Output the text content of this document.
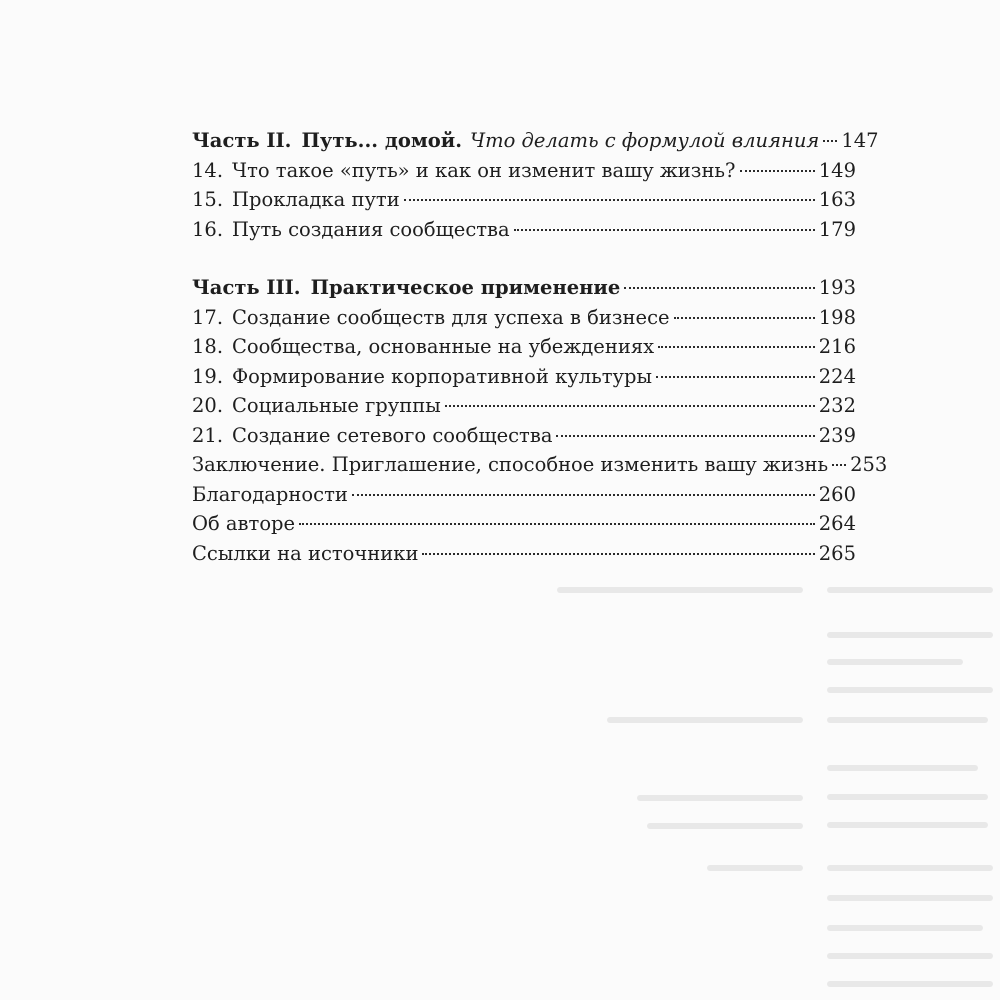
Часть II. Путь... домой. Что делать с формулой влияния 147
14. Что такое «путь» и как он изменит вашу жизнь?	149
15. Прокладка пути	163
16. Путь создания сообщества	179
Часть III. Практическое применение	193
17. Создание сообществ для успеха в бизнесе	198
18. Сообщества, основанные на убеждениях	216
19. Формирование корпоративной культуры	224
20. Социальные группы	232
21. Создание сетевого сообщества	239
Заключение. Приглашение, способное изменить вашу жизнь 253
Благодарности	260
Об авторе	264
Ссылки на источники	265
